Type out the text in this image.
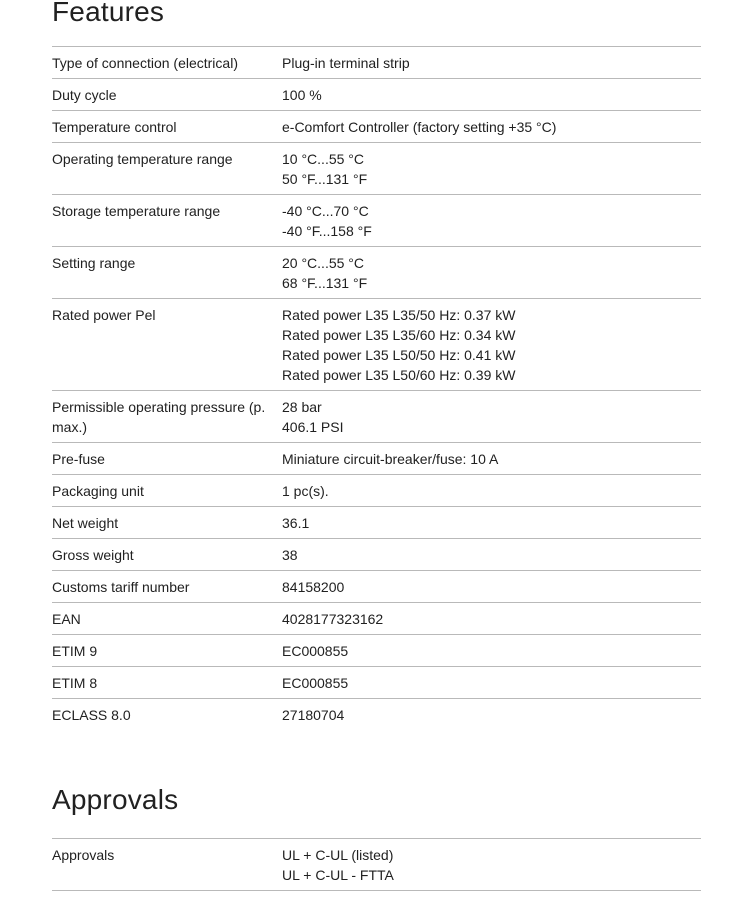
Features
Type of connection (electrical)	Plug-in terminal strip

Duty cycle	100 %

Temperature control	e-Comfort Controller (factory setting +35 °C)

Operating temperature range	10 °C...55 °C
50 °F...131 °F

Storage temperature range	-40 °C...70 °C
-40 °F...158 °F

Setting range	20 °C...55 °C
68 °F...131 °F

Rated power Pel	Rated power L35 L35/50 Hz: 0.37 kW
Rated power L35 L35/60 Hz: 0.34 kW
Rated power L35 L50/50 Hz: 0.41 kW
Rated power L35 L50/60 Hz: 0.39 kW

Permissible operating pressure (p. max.)	28 bar
406.1 PSI

Pre-fuse	Miniature circuit-breaker/fuse: 10 A

Packaging unit	1 pc(s).

Net weight	36.1

Gross weight	38

Customs tariff number	84158200

EAN	4028177323162

ETIM 9	EC000855

ETIM 8	EC000855

ECLASS 8.0	27180704
Approvals
Approvals	UL + C-UL (listed)
UL + C-UL - FTTA
